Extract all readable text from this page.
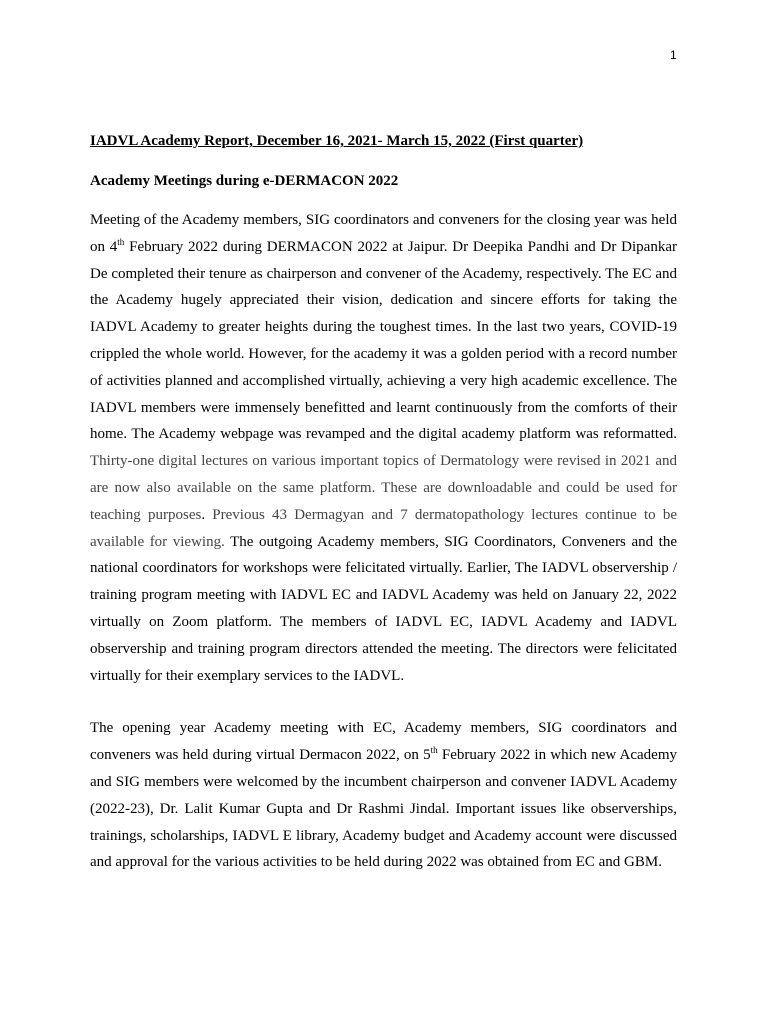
1
IADVL Academy Report, December 16, 2021- March 15, 2022 (First quarter)
Academy Meetings during e-DERMACON 2022

Meeting of the Academy members, SIG coordinators and conveners for the closing year was held on 4th February 2022 during DERMACON 2022 at Jaipur. Dr Deepika Pandhi and Dr Dipankar De completed their tenure as chairperson and convener of the Academy, respectively. The EC and the Academy hugely appreciated their vision, dedication and sincere efforts for taking the IADVL Academy to greater heights during the toughest times. In the last two years, COVID-19 crippled the whole world. However, for the academy it was a golden period with a record number of activities planned and accomplished virtually, achieving a very high academic excellence. The IADVL members were immensely benefitted and learnt continuously from the comforts of their home. The Academy webpage was revamped and the digital academy platform was reformatted. Thirty-one digital lectures on various important topics of Dermatology were revised in 2021 and are now also available on the same platform. These are downloadable and could be used for teaching purposes. Previous 43 Dermagyan and 7 dermatopathology lectures continue to be available for viewing. The outgoing Academy members, SIG Coordinators, Conveners and the national coordinators for workshops were felicitated virtually. Earlier, The IADVL observership / training program meeting with IADVL EC and IADVL Academy was held on January 22, 2022 virtually on Zoom platform. The members of IADVL EC, IADVL Academy and IADVL observership and training program directors attended the meeting. The directors were felicitated virtually for their exemplary services to the IADVL.

The opening year Academy meeting with EC, Academy members, SIG coordinators and conveners was held during virtual Dermacon 2022, on 5th February 2022 in which new Academy and SIG members were welcomed by the incumbent chairperson and convener IADVL Academy (2022-23), Dr. Lalit Kumar Gupta and Dr Rashmi Jindal. Important issues like observerships, trainings, scholarships, IADVL E library, Academy budget and Academy account were discussed and approval for the various activities to be held during 2022 was obtained from EC and GBM.
